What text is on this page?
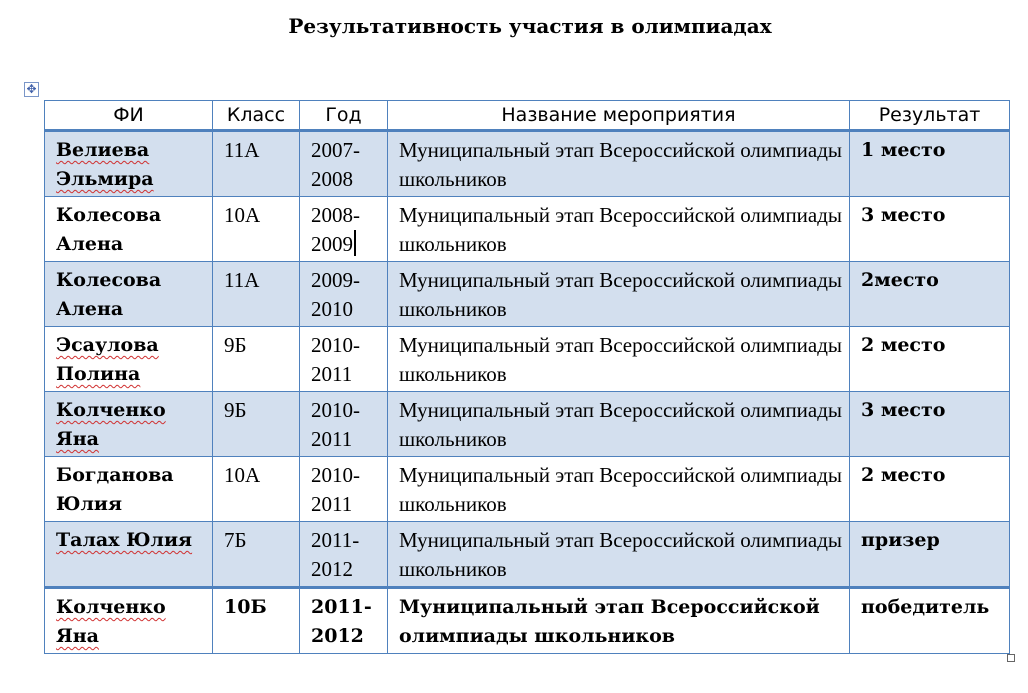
Результативность участия в олимпиадах
✥
ФИ	Класс	Год	Название мероприятия	Результат
Велиева Эльмира	11А	2007-2008	Муниципальный этап Всероссийской олимпиады школьников	1 место
Колесова Алена	10А	2008-2009	Муниципальный этап Всероссийской олимпиады школьников	3 место
Колесова Алена	11А	2009-2010	Муниципальный этап Всероссийской олимпиады школьников	2место
Эсаулова Полина	9Б	2010-2011	Муниципальный этап Всероссийской олимпиады школьников	2 место
Колченко Яна	9Б	2010-2011	Муниципальный этап Всероссийской олимпиады школьников	3 место
Богданова Юлия	10А	2010-2011	Муниципальный этап Всероссийской олимпиады школьников	2 место
Талах Юлия	7Б	2011-2012	Муниципальный этап Всероссийской олимпиады школьников	призер
Колченко Яна	10Б	2011-2012	Муниципальный этап Всероссийской олимпиады школьников	победитель
